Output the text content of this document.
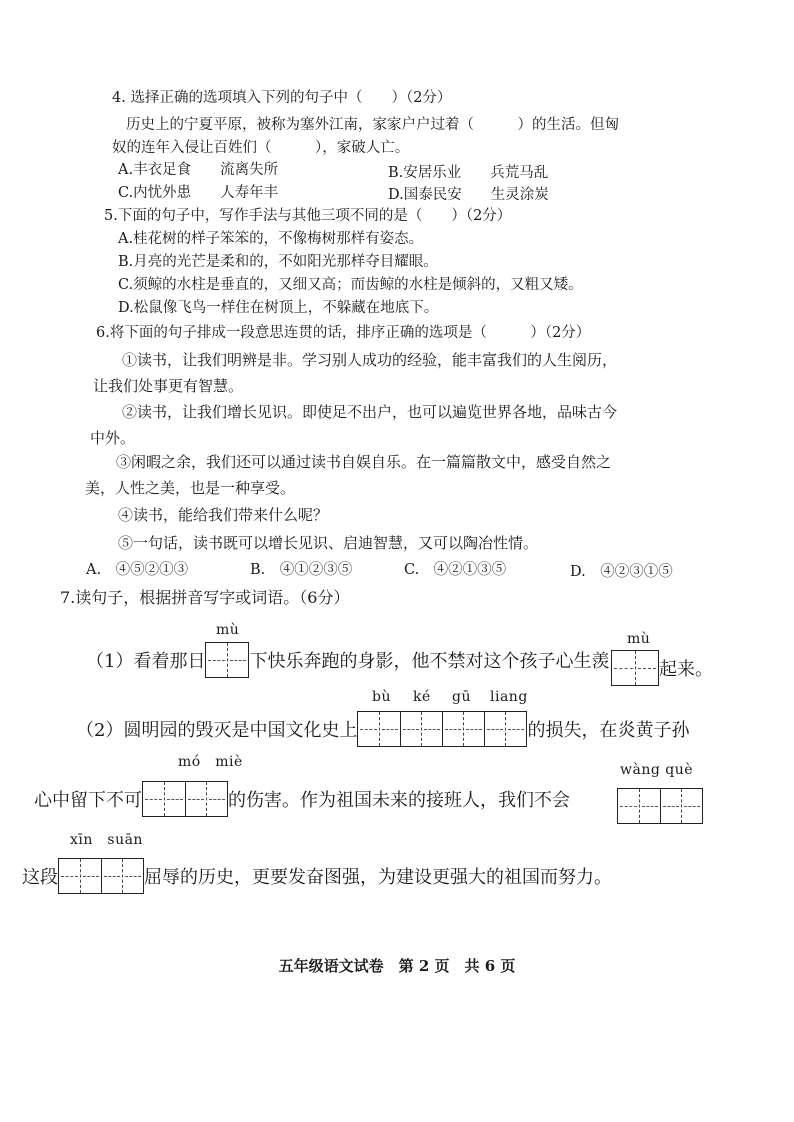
4. 选择正确的选项填入下列的句子中（　　）（2分）
历史上的宁夏平原，被称为塞外江南，家家户户过着（　　　）的生活。但匈
奴的连年入侵让百姓们（　　　），家破人亡。
A.丰衣足食　　流离失所	B.安居乐业　　兵荒马乱
C.内忧外患　　人寿年丰	D.国泰民安　　生灵涂炭
5.下面的句子中，写作手法与其他三项不同的是（　　）（2分）
A.桂花树的样子笨笨的，不像梅树那样有姿态。
B.月亮的光芒是柔和的，不如阳光那样夺目耀眼。
C.须鲸的水柱是垂直的，又细又高；而齿鲸的水柱是倾斜的，又粗又矮。
D.松鼠像飞鸟一样住在树顶上，不躲藏在地底下。
6.将下面的句子排成一段意思连贯的话，排序正确的选项是（　　　）（2分）
①读书，让我们明辨是非。学习别人成功的经验，能丰富我们的人生阅历，
让我们处事更有智慧。
②读书，让我们增长见识。即使足不出户，也可以遍览世界各地，品味古今
中外。
③闲暇之余，我们还可以通过读书自娱自乐。在一篇篇散文中，感受自然之
美，人性之美，也是一种享受。
④读书，能给我们带来什么呢？
⑤一句话，读书既可以增长见识、启迪智慧，又可以陶冶性情。
A.　④⑤②①③	B.　④①②③⑤	C.　④②①③⑤	D.　④②③①⑤
7.读句子，根据拼音写字或词语。（6分）
mù
mù
（1）看着那日 下快乐奔跑的身影，他不禁对这个孩子心生羡	起来。
bù ké gū liang
（2）圆明园的毁灭是中国文化史上	的损失，在炎黄子孙
mó　miè	wàng què
心中留下不可	的伤害。作为祖国未来的接班人，我们不会
xīn　suān
这段	屈辱的历史，更要发奋图强，为建设更强大的祖国而努力。
五年级语文试卷　第 2 页　共 6 页
